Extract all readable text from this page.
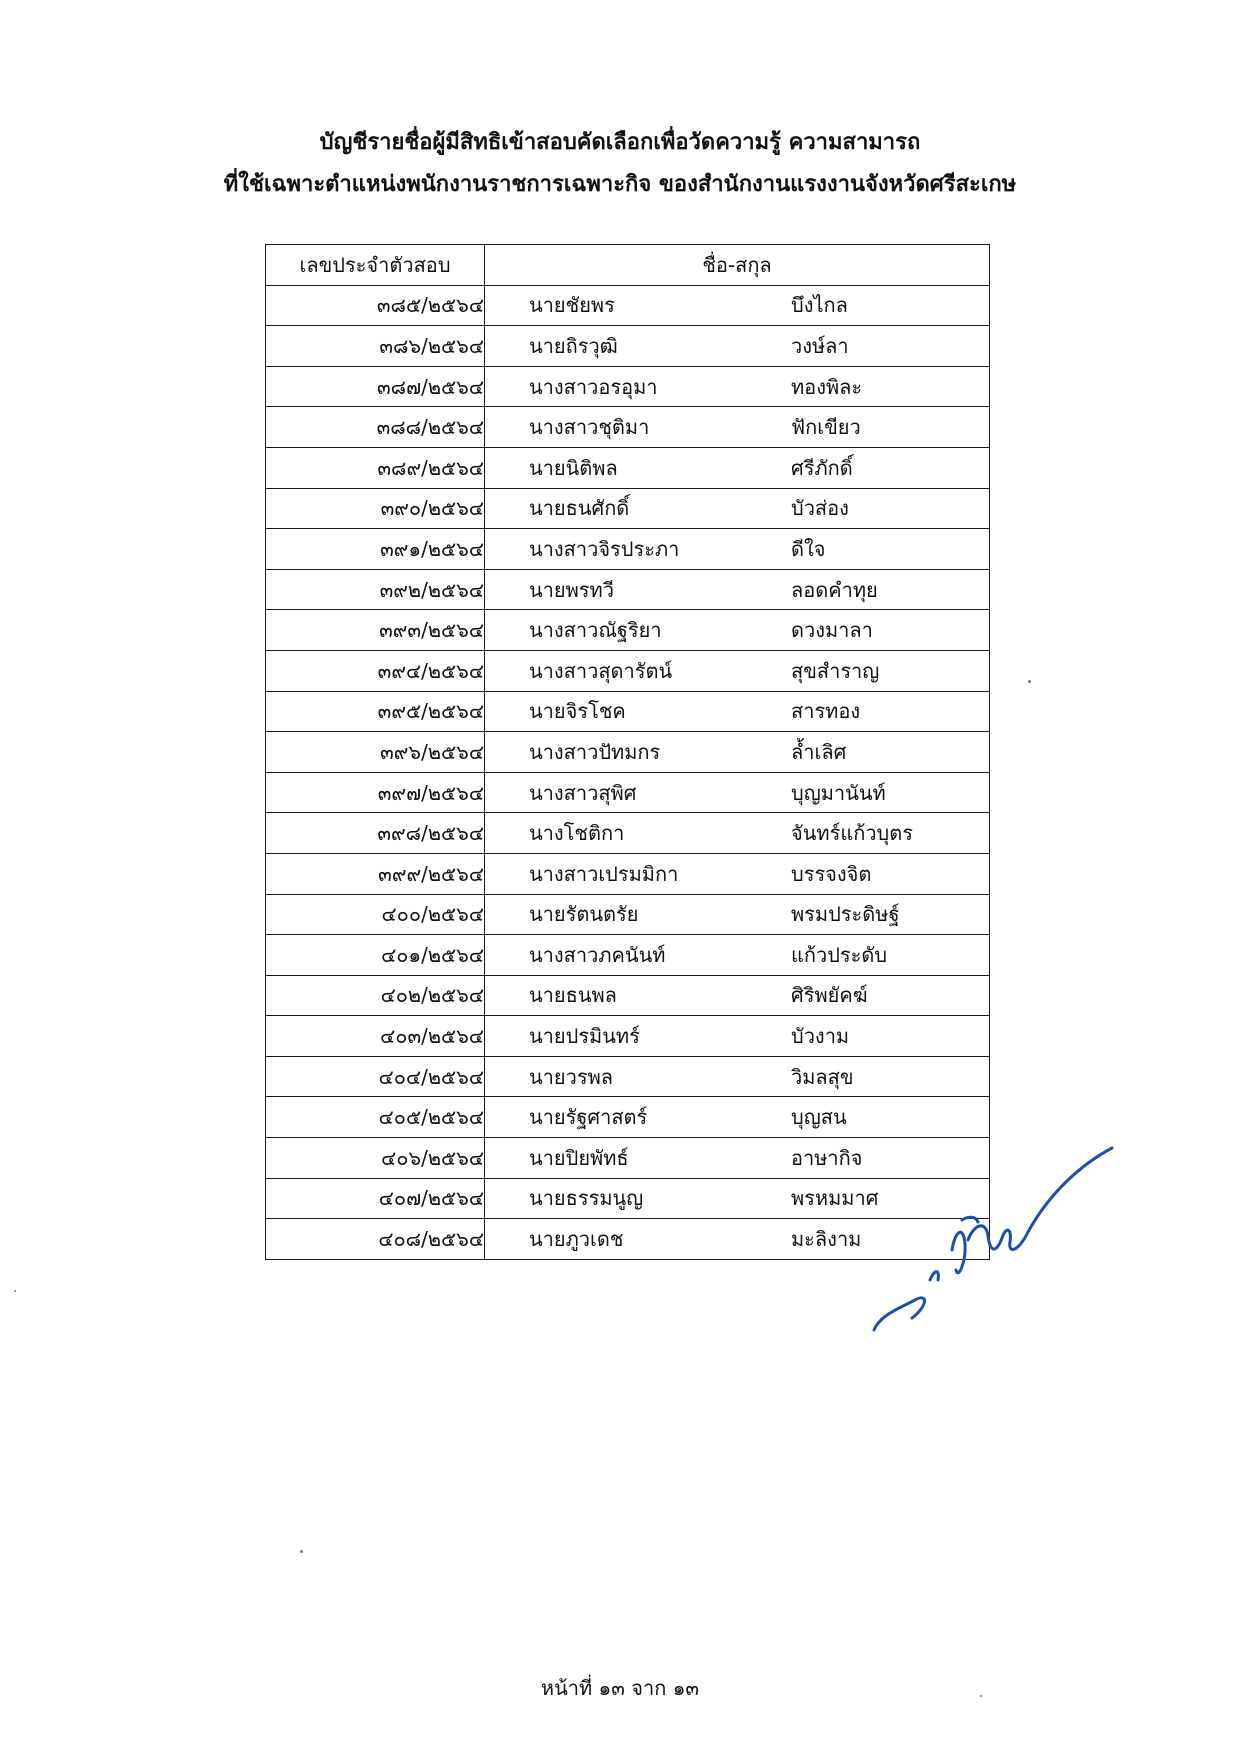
บัญชีรายชื่อผู้มีสิทธิเข้าสอบคัดเลือกเพื่อวัดความรู้ ความสามารถ
ที่ใช้เฉพาะตำแหน่งพนักงานราชการเฉพาะกิจ ของสำนักงานแรงงานจังหวัดศรีสะเกษ
เลขประจำตัวสอบ	ชื่อ-สกุล
๓๘๕/๒๕๖๔	นายชัยพร บึงไกล

๓๘๖/๒๕๖๔	นายถิรวุฒิ วงษ์ลา

๓๘๗/๒๕๖๔	นางสาวอรอุมา ทองพิละ

๓๘๘/๒๕๖๔	นางสาวชุติมา ฟักเขียว

๓๘๙/๒๕๖๔	นายนิติพล ศรีภักดิ์

๓๙๐/๒๕๖๔	นายธนศักดิ์ บัวส่อง

๓๙๑/๒๕๖๔	นางสาวจิรประภา ดีใจ

๓๙๒/๒๕๖๔	นายพรทวี ลอดคำทุย

๓๙๓/๒๕๖๔	นางสาวณัฐริยา ดวงมาลา

๓๙๔/๒๕๖๔	นางสาวสุดารัตน์ สุขสำราญ

๓๙๕/๒๕๖๔	นายจิรโชค สารทอง

๓๙๖/๒๕๖๔	นางสาวปัทมกร ล้ำเลิศ

๓๙๗/๒๕๖๔	นางสาวสุพิศ บุญมานันท์

๓๙๘/๒๕๖๔	นางโชติกา จันทร์แก้วบุตร

๓๙๙/๒๕๖๔	นางสาวเปรมมิกา บรรจงจิต

๔๐๐/๒๕๖๔	นายรัตนตรัย พรมประดิษฐ์

๔๐๑/๒๕๖๔	นางสาวภคนันท์ แก้วประดับ

๔๐๒/๒๕๖๔	นายธนพล ศิริพยัคฆ์

๔๐๓/๒๕๖๔	นายปรมินทร์ บัวงาม

๔๐๔/๒๕๖๔	นายวรพล วิมลสุข

๔๐๕/๒๕๖๔	นายรัฐศาสตร์ บุญสน

๔๐๖/๒๕๖๔	นายปิยพัทธ์ อาษากิจ

๔๐๗/๒๕๖๔	นายธรรมนูญ พรหมมาศ

๔๐๘/๒๕๖๔	นายภูวเดช มะลิงาม
หน้าที่ ๑๓ จาก ๑๓
